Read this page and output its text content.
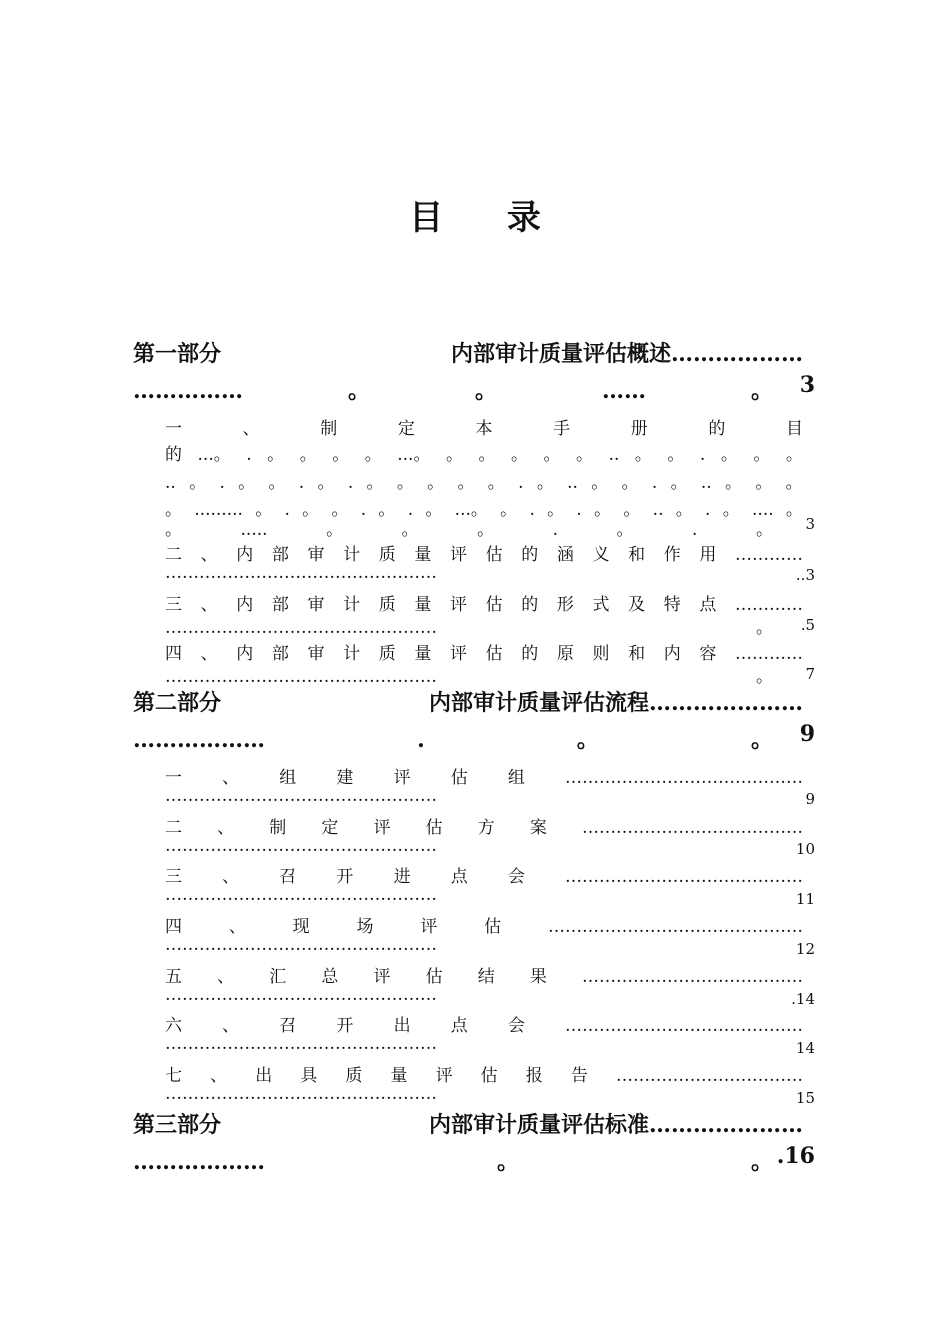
目 录
第一部分	内部审计质量评估概述………………
……………	。	。	……	。 3
一	、	制	定	本	手	册	的	目
的 ...。 . 。 。 。 。 ...。 。 。 。 。 。 .. 。 。 . 。 。 。
.. 。 . 。 。 . 。 . 。 。 。 。 。 . 。 .. 。 。 . 。 .. 。 。 。
。 ......... 。 . 。 。 . 。 . 。 ...。 。 . 。 . 。 。 .. 。 . 。 .... 。
。	.....	。	。	。	.	。	.	。 3
二 、 内 部 审 计 质 量 评 估 的 涵 义 和 作 用 …………
…………………………………………	..3
三 、 内 部 审 计 质 量 评 估 的 形 式 及 特 点 …………
…………………………………………	。 .5
四 、 内 部 审 计 质 量 评 估 的 原 则 和 内 容 …………
…………………………………………	。 7
第二部分	内部审计质量评估流程…………………
………………	.	。	。 9
一 、 组 建 评 估 组 ……………………………………
…………………………………………	9
二 、 制 定 评 估 方 案 …………………………………
…………………………………………	10
三 、 召 开 进 点 会 ……………………………………
…………………………………………	11
四	、	现	场	评	估	………………………………………
…………………………………………	12
五 、 汇 总 评 估 结 果 …………………………………
…………………………………………	.14
六 、 召 开 出 点 会 ……………………………………
…………………………………………	14
七 、 出 具 质 量 评 估 报 告 ……………………………
…………………………………………	15
第三部分	内部审计质量评估标准…………………
………………	。	。 .16
